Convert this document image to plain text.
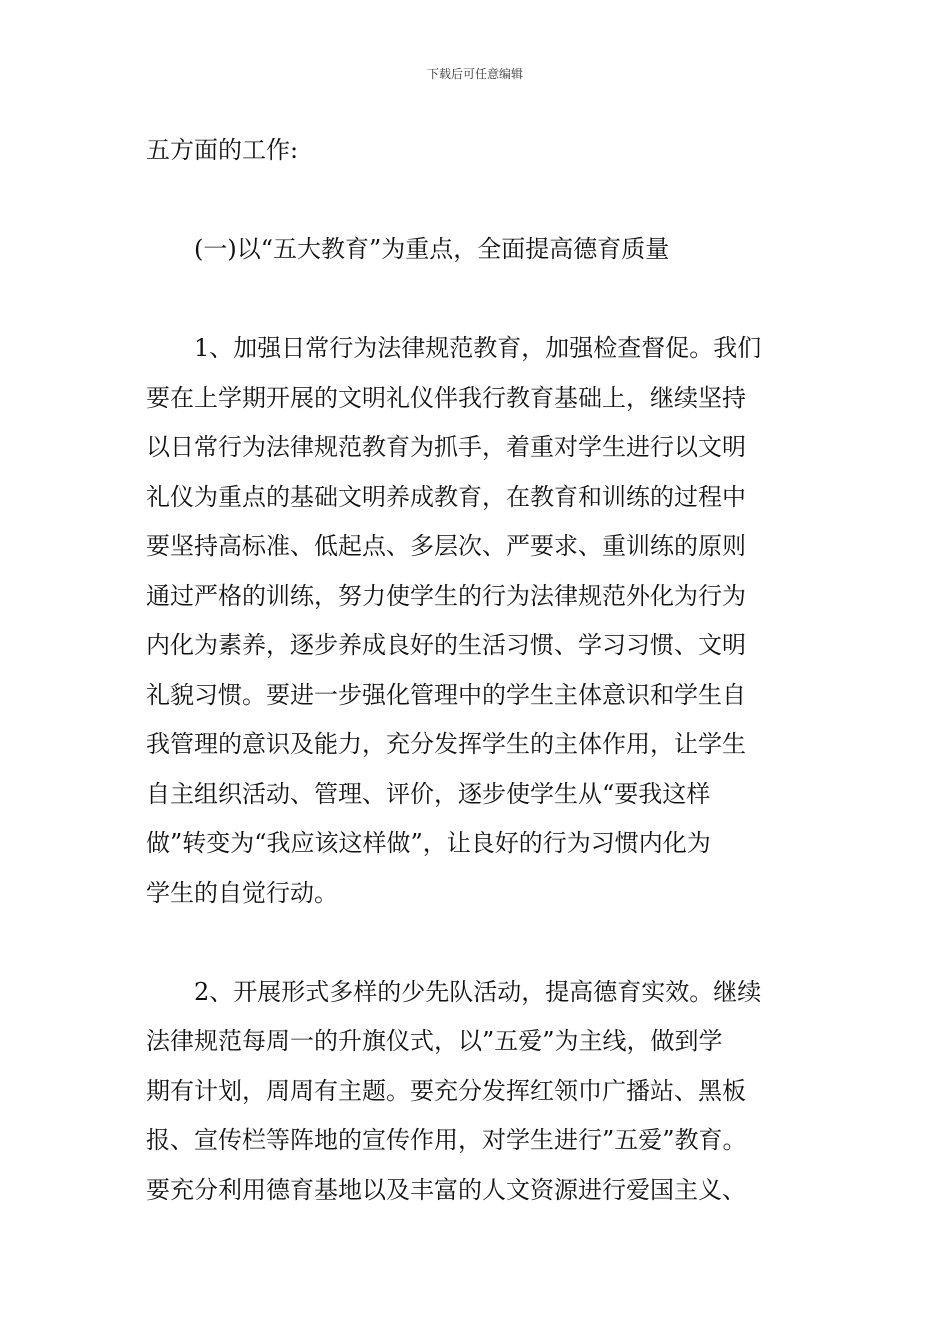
下载后可任意编辑

五方面的工作:

(一)以“五大教育”为重点，全面提高德育质量

1、加强日常行为法律规范教育，加强检查督促。我们
要在上学期开展的文明礼仪伴我行教育基础上，继续坚持
以日常行为法律规范教育为抓手，着重对学生进行以文明
礼仪为重点的基础文明养成教育，在教育和训练的过程中
要坚持高标准、低起点、多层次、严要求、重训练的原则
通过严格的训练，努力使学生的行为法律规范外化为行为
内化为素养，逐步养成良好的生活习惯、学习习惯、文明
礼貌习惯。要进一步强化管理中的学生主体意识和学生自
我管理的意识及能力，充分发挥学生的主体作用，让学生
自主组织活动、管理、评价，逐步使学生从“要我这样
做”转变为“我应该这样做”，让良好的行为习惯内化为
学生的自觉行动。

2、开展形式多样的少先队活动，提高德育实效。继续
法律规范每周一的升旗仪式，以”五爱”为主线，做到学
期有计划，周周有主题。要充分发挥红领巾广播站、黑板
报、宣传栏等阵地的宣传作用，对学生进行”五爱”教育。
要充分利用德育基地以及丰富的人文资源进行爱国主义、
